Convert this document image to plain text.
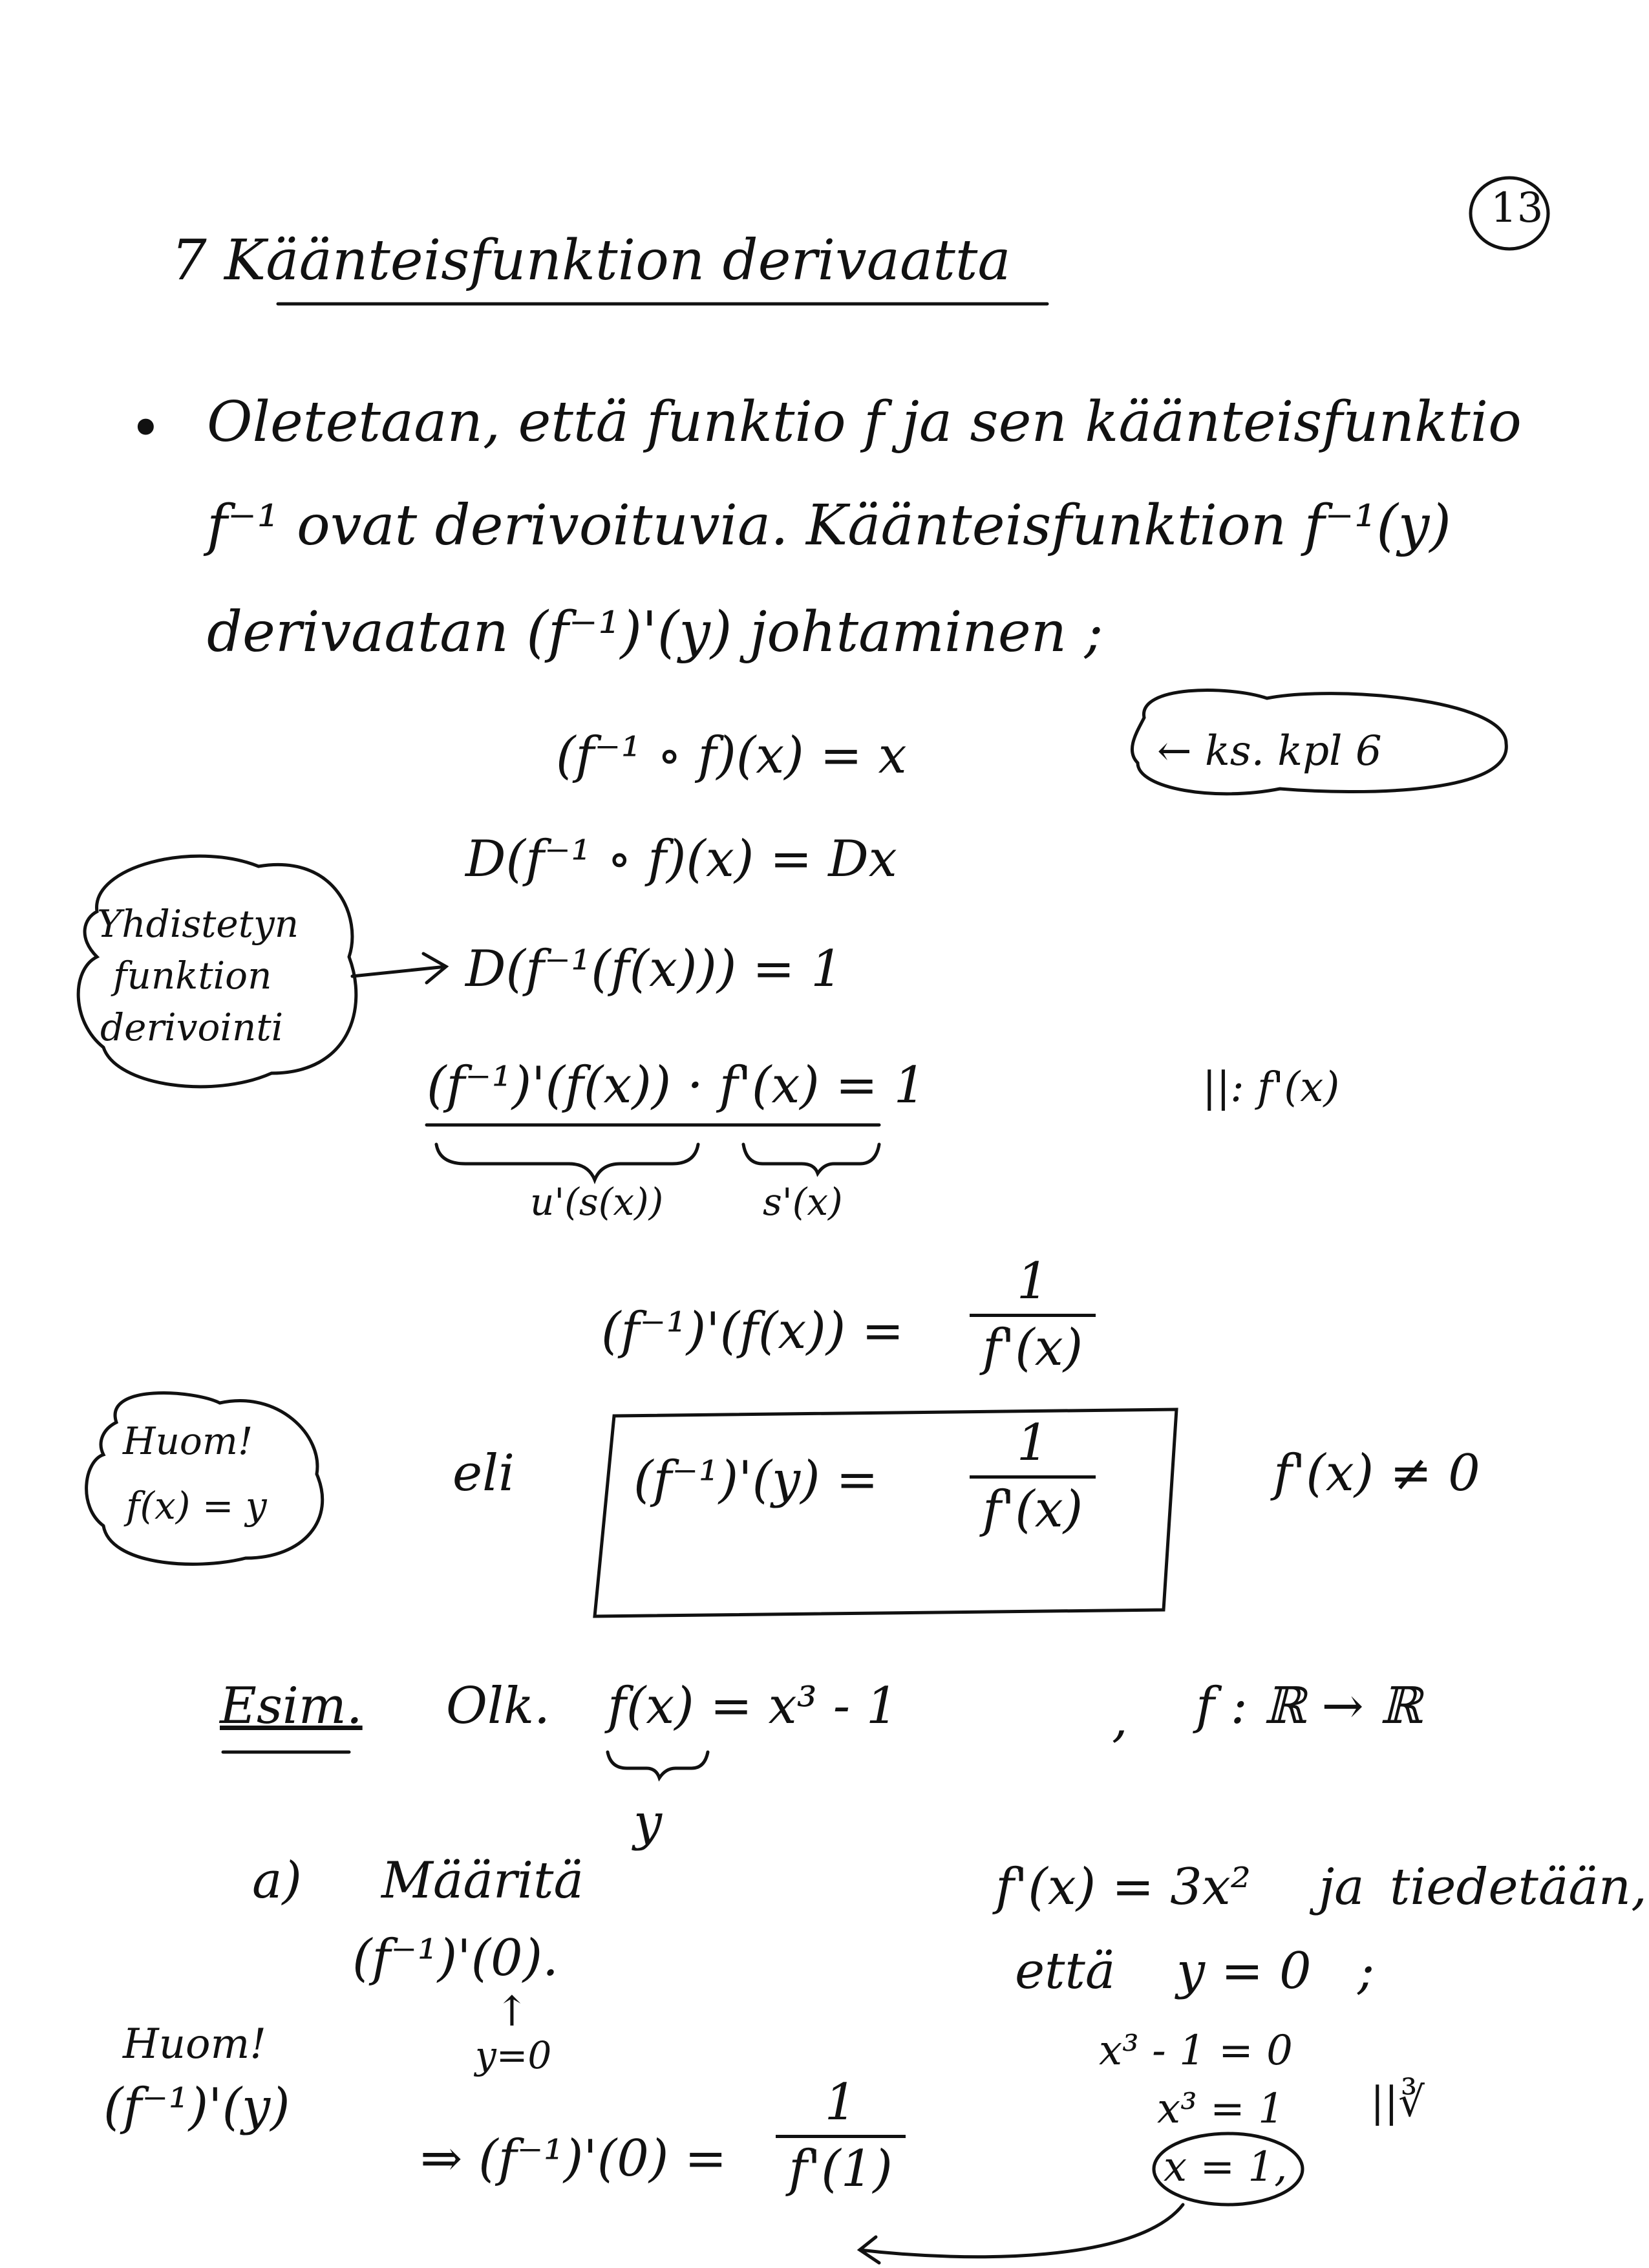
13
7 Käänteisfunktion derivaatta
• Oletetaan, että funktio f ja sen käänteisfunktio
f⁻¹ ovat derivoituvia. Käänteisfunktion f⁻¹(y)
derivaatan (f⁻¹)'(y) johtaminen ;
(f⁻¹ ∘ f)(x) = x	← ks. kpl 6
D(f⁻¹ ∘ f)(x) = Dx
Yhdistetyn
funktion
derivointi
D(f⁻¹(f(x))) = 1
(f⁻¹)'(f(x)) · f'(x) = 1	||: f'(x)
u'(s(x))	s'(x)
(f⁻¹)'(f(x)) =
1
f'(x)
Huom!
f(x) = y
eli (f⁻¹)'(y) =
1
f'(x)
f'(x) ≠ 0
Esim. Olk. f(x) = x³ - 1	, f : ℝ → ℝ
y
a) Määritä
(f⁻¹)'(0).
↑
y=0
Huom!
(f⁻¹)'(y)
⇒ (f⁻¹)'(0) =
1
f'(1)
f'(x) = 3x² ja tiedetään,
että y = 0 ;
x³ - 1 = 0
x³ = 1 ||∛
x = 1,
